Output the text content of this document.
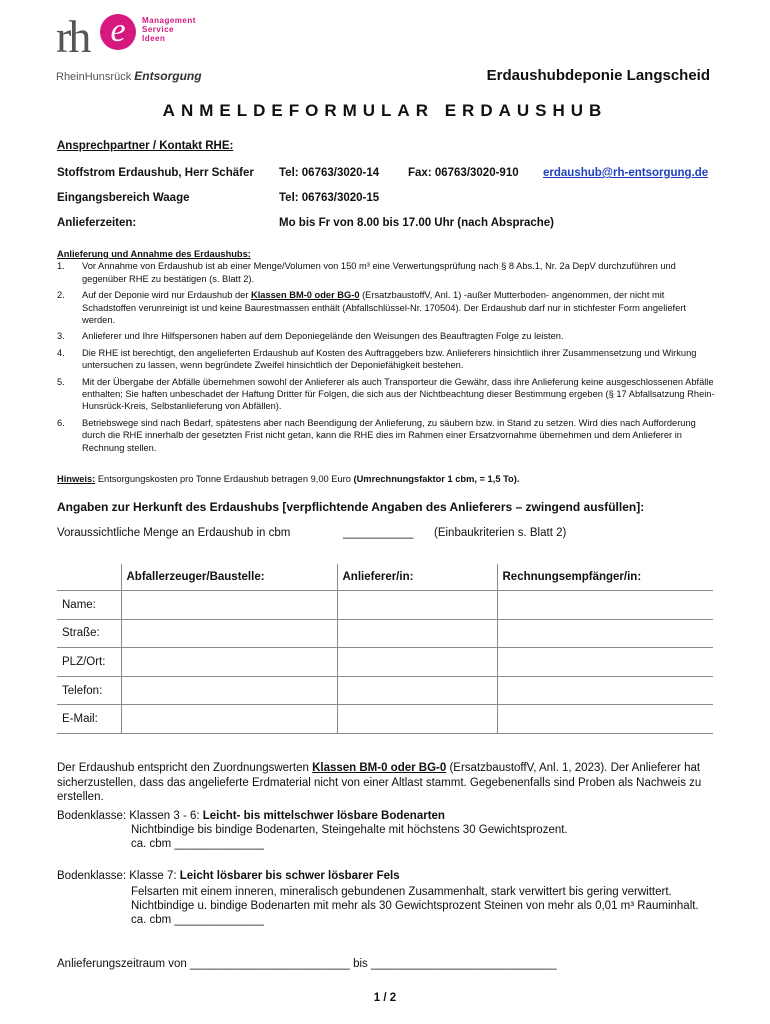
rh e	Management
Service
Ideen
RheinHunsrück Entsorgung	Erdaushubdeponie Langscheid
ANMELDEFORMULAR ERDAUSHUB
Ansprechpartner / Kontakt RHE:
Stoffstrom Erdaushub, Herr Schäfer Tel: 06763/3020-14	Fax: 06763/3020-910 erdaushub@rh-entsorgung.de
Eingangsbereich Waage	Tel: 06763/3020-15
Anlieferzeiten:	Mo bis Fr von 8.00 bis 17.00 Uhr (nach Absprache)
Anlieferung und Annahme des Erdaushubs:
1. Vor Annahme von Erdaushub ist ab einer Menge/Volumen von 150 m³ eine Verwertungsprüfung nach § 8 Abs.1, Nr. 2a DepV durchzuführen und gegenüber RHE zu bestätigen (s. Blatt 2).
2. Auf der Deponie wird nur Erdaushub der Klassen BM-0 oder BG-0 (ErsatzbaustoffV, Anl. 1) -außer Mutterboden- angenommen, der nicht mit Schadstoffen verunreinigt ist und keine Baurestmassen enthält (Abfallschlüssel-Nr. 170504). Der Erdaushub darf nur in stichfester Form angeliefert werden.
3. Anlieferer und Ihre Hilfspersonen haben auf dem Deponiegelände den Weisungen des Beauftragten Folge zu leisten.
4. Die RHE ist berechtigt, den angelieferten Erdaushub auf Kosten des Auftraggebers bzw. Anlieferers hinsichtlich ihrer Zusammensetzung und Wirkung untersuchen zu lassen, wenn begründete Zweifel hinsichtlich der Deponiefähigkeit bestehen.
5. Mit der Übergabe der Abfälle übernehmen sowohl der Anlieferer als auch Transporteur die Gewähr, dass ihre Anlieferung keine ausgeschlossenen Abfälle enthalten; Sie haften unbeschadet der Haftung Dritter für Folgen, die sich aus der Nichtbeachtung dieser Bestimmung ergeben (§ 17 Abfallsatzung Rhein-Hunsrück-Kreis, Selbstanlieferung von Abfällen).
6. Betriebswege sind nach Bedarf, spätestens aber nach Beendigung der Anlieferung, zu säubern bzw. in Stand zu setzen. Wird dies nach Aufforderung durch die RHE innerhalb der gesetzten Frist nicht getan, kann die RHE dies im Rahmen einer Ersatzvornahme übernehmen und dem Anlieferer in Rechnung stellen.
Hinweis: Entsorgungskosten pro Tonne Erdaushub betragen 9,00 Euro (Umrechnungsfaktor 1 cbm, = 1,5 To).
Angaben zur Herkunft des Erdaushubs [verpflichtende Angaben des Anlieferers – zwingend ausfüllen]:
Voraussichtliche Menge an Erdaushub in cbm	___________ (Einbaukriterien s. Blatt 2)
	Abfallerzeuger/Baustelle:	Anlieferer/in:	Rechnungsempfänger/in:
Name:			
Straße:			
PLZ/Ort:			
Telefon:			
E-Mail:			
Der Erdaushub entspricht den Zuordnungswerten Klassen BM-0 oder BG-0 (ErsatzbaustoffV, Anl. 1, 2023). Der Anlieferer hat sicherzustellen, dass das angelieferte Erdmaterial nicht von einer Altlast stammt. Gegebenenfalls sind Proben als Nachweis zu erstellen.
Bodenklasse: Klassen 3 - 6: Leicht- bis mittelschwer lösbare Bodenarten
Nichtbindige bis bindige Bodenarten, Steingehalte mit höchstens 30 Gewichtsprozent.
ca. cbm ______________
Bodenklasse: Klasse 7: Leicht lösbarer bis schwer lösbarer Fels
Felsarten mit einem inneren, mineralisch gebundenen Zusammenhalt, stark verwittert bis gering verwittert.
Nichtbindige u. bindige Bodenarten mit mehr als 30 Gewichtsprozent Steinen von mehr als 0,01 m³ Rauminhalt.
ca. cbm ______________
Anlieferungszeitraum von _________________________ bis _____________________________
1 / 2
